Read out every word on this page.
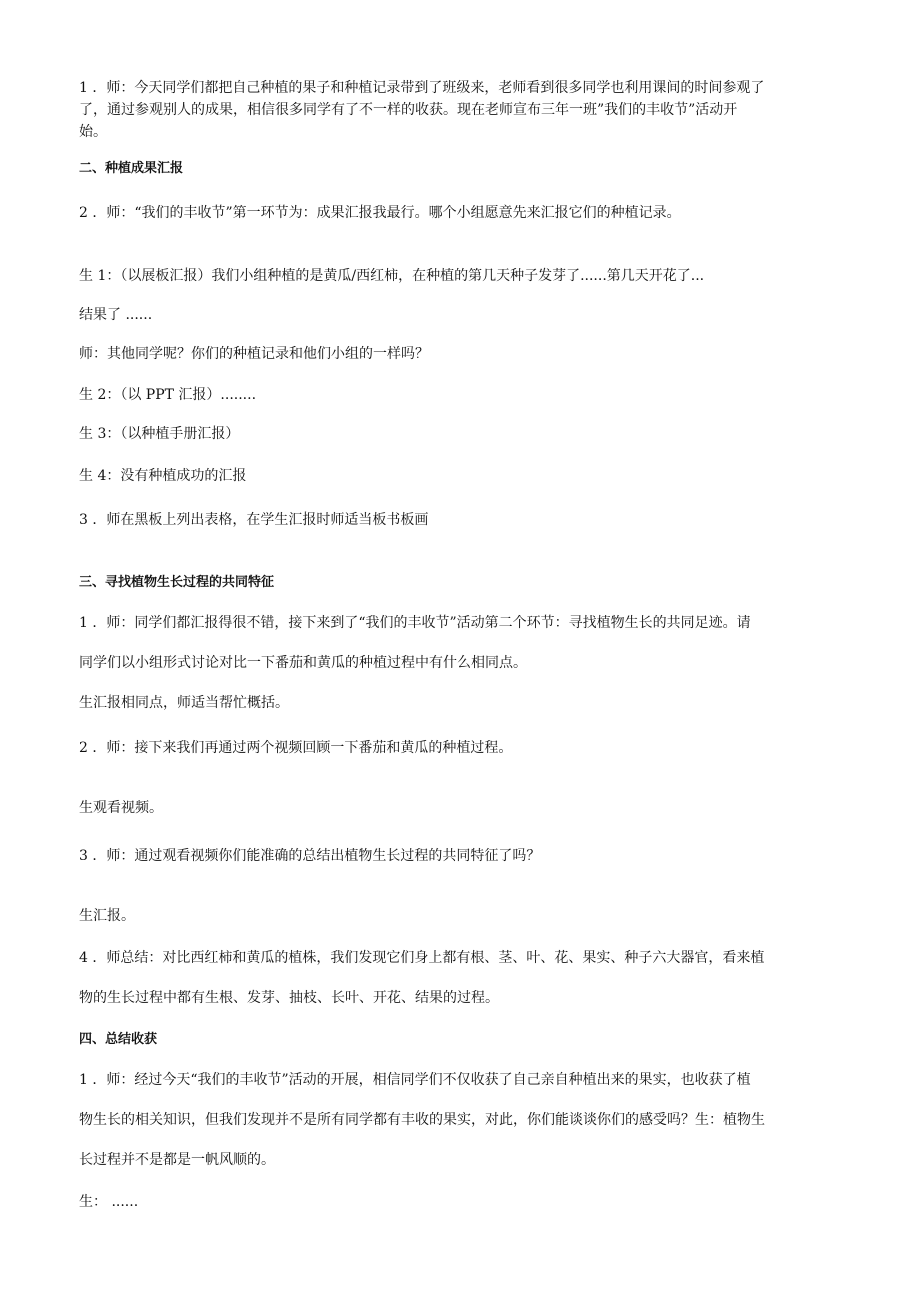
1 ．师：今天同学们都把自己种植的果子和种植记录带到了班级来，老师看到很多同学也利用课间的时间参观了
了，通过参观别人的成果，相信很多同学有了不一样的收获。现在老师宣布三年一班”我们的丰收节”活动开
始。
二、种植成果汇报
2 ．师：“我们的丰收节”第一环节为：成果汇报我最行。哪个小组愿意先来汇报它们的种植记录。
生 1：（以展板汇报）我们小组种植的是黄瓜/西红柿，在种植的第几天种子发芽了......第几天开花了...
结果了 ......
师：其他同学呢？你们的种植记录和他们小组的一样吗？
生 2：（以 PPT 汇报）........
生 3：（以种植手册汇报）
生 4：没有种植成功的汇报
3 ．师在黑板上列出表格，在学生汇报时师适当板书板画
三、寻找植物生长过程的共同特征
1 ．师：同学们都汇报得很不错，接下来到了“我们的丰收节”活动第二个环节：寻找植物生长的共同足迹。请
同学们以小组形式讨论对比一下番茄和黄瓜的种植过程中有什么相同点。
生汇报相同点，师适当帮忙概括。
2 ．师：接下来我们再通过两个视频回顾一下番茄和黄瓜的种植过程。
生观看视频。
3 ．师：通过观看视频你们能准确的总结出植物生长过程的共同特征了吗？
生汇报。
4 ．师总结：对比西红柿和黄瓜的植株，我们发现它们身上都有根、茎、叶、花、果实、种子六大器官，看来植
物的生长过程中都有生根、发芽、抽枝、长叶、开花、结果的过程。
四、总结收获
1 ．师：经过今天“我们的丰收节”活动的开展，相信同学们不仅收获了自己亲自种植出来的果实，也收获了植
物生长的相关知识，但我们发现并不是所有同学都有丰收的果实，对此，你们能谈谈你们的感受吗？生：植物生
长过程并不是都是一帆风顺的。
生： ......
